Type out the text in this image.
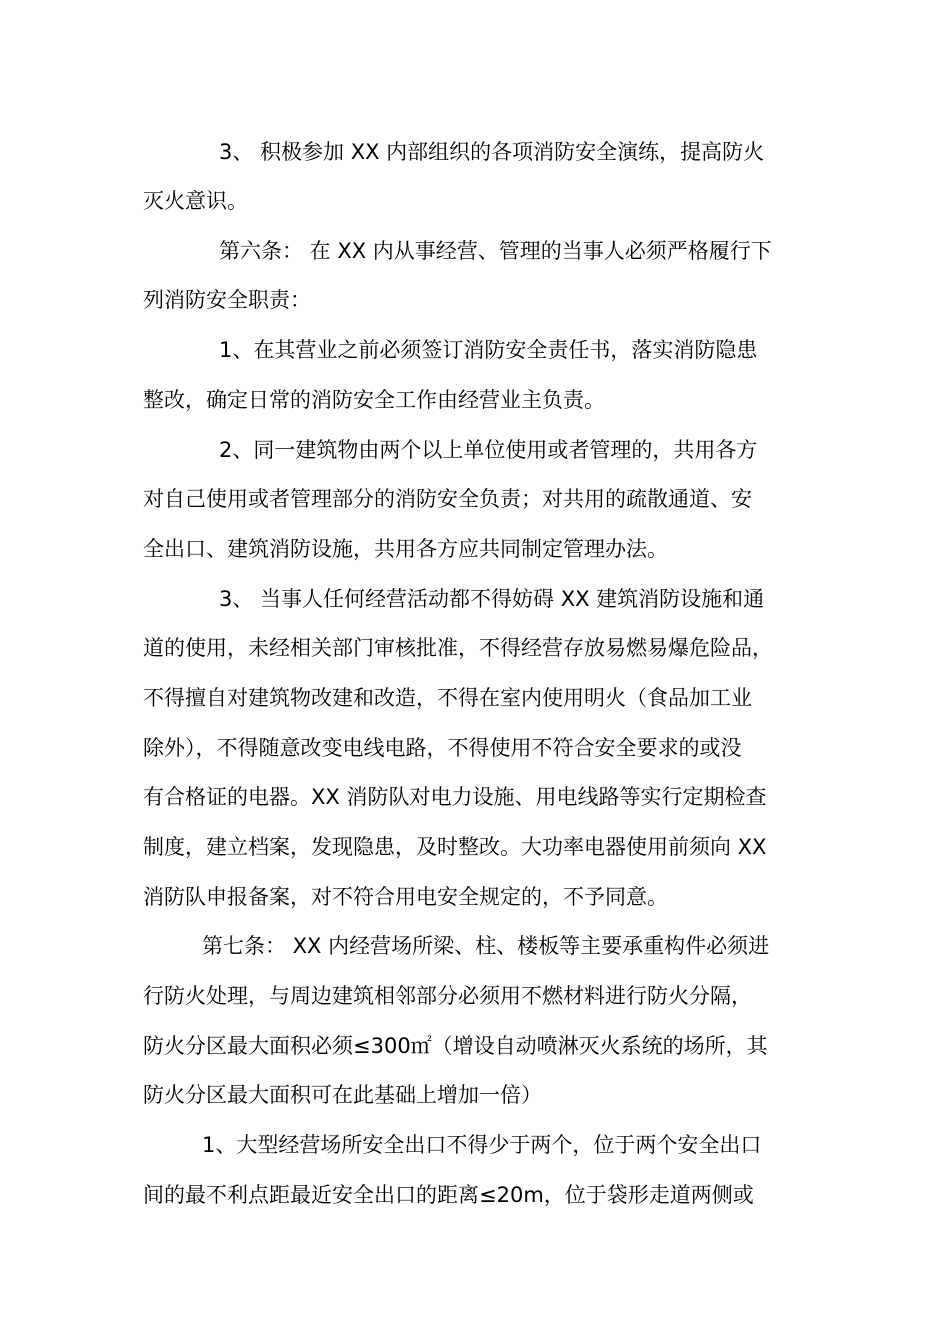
3、 积极参加 XX 内部组织的各项消防安全演练，提高防火
灭火意识。
第六条： 在 XX 内从事经营、管理的当事人必须严格履行下
列消防安全职责：
1、在其营业之前必须签订消防安全责任书，落实消防隐患
整改，确定日常的消防安全工作由经营业主负责。
2、同一建筑物由两个以上单位使用或者管理的，共用各方
对自己使用或者管理部分的消防安全负责；对共用的疏散通道、安
全出口、建筑消防设施，共用各方应共同制定管理办法。
3、 当事人任何经营活动都不得妨碍 XX 建筑消防设施和通
道的使用，未经相关部门审核批准，不得经营存放易燃易爆危险品，
不得擅自对建筑物改建和改造，不得在室内使用明火（食品加工业
除外），不得随意改变电线电路，不得使用不符合安全要求的或没
有合格证的电器。XX 消防队对电力设施、用电线路等实行定期检查
制度，建立档案，发现隐患，及时整改。大功率电器使用前须向 XX
消防队申报备案，对不符合用电安全规定的，不予同意。
第七条： XX 内经营场所梁、柱、楼板等主要承重构件必须进
行防火处理，与周边建筑相邻部分必须用不燃材料进行防火分隔，
防火分区最大面积必须≤300㎡（增设自动喷淋灭火系统的场所，其
防火分区最大面积可在此基础上增加一倍）
1、大型经营场所安全出口不得少于两个，位于两个安全出口
间的最不利点距最近安全出口的距离≤20m，位于袋形走道两侧或
